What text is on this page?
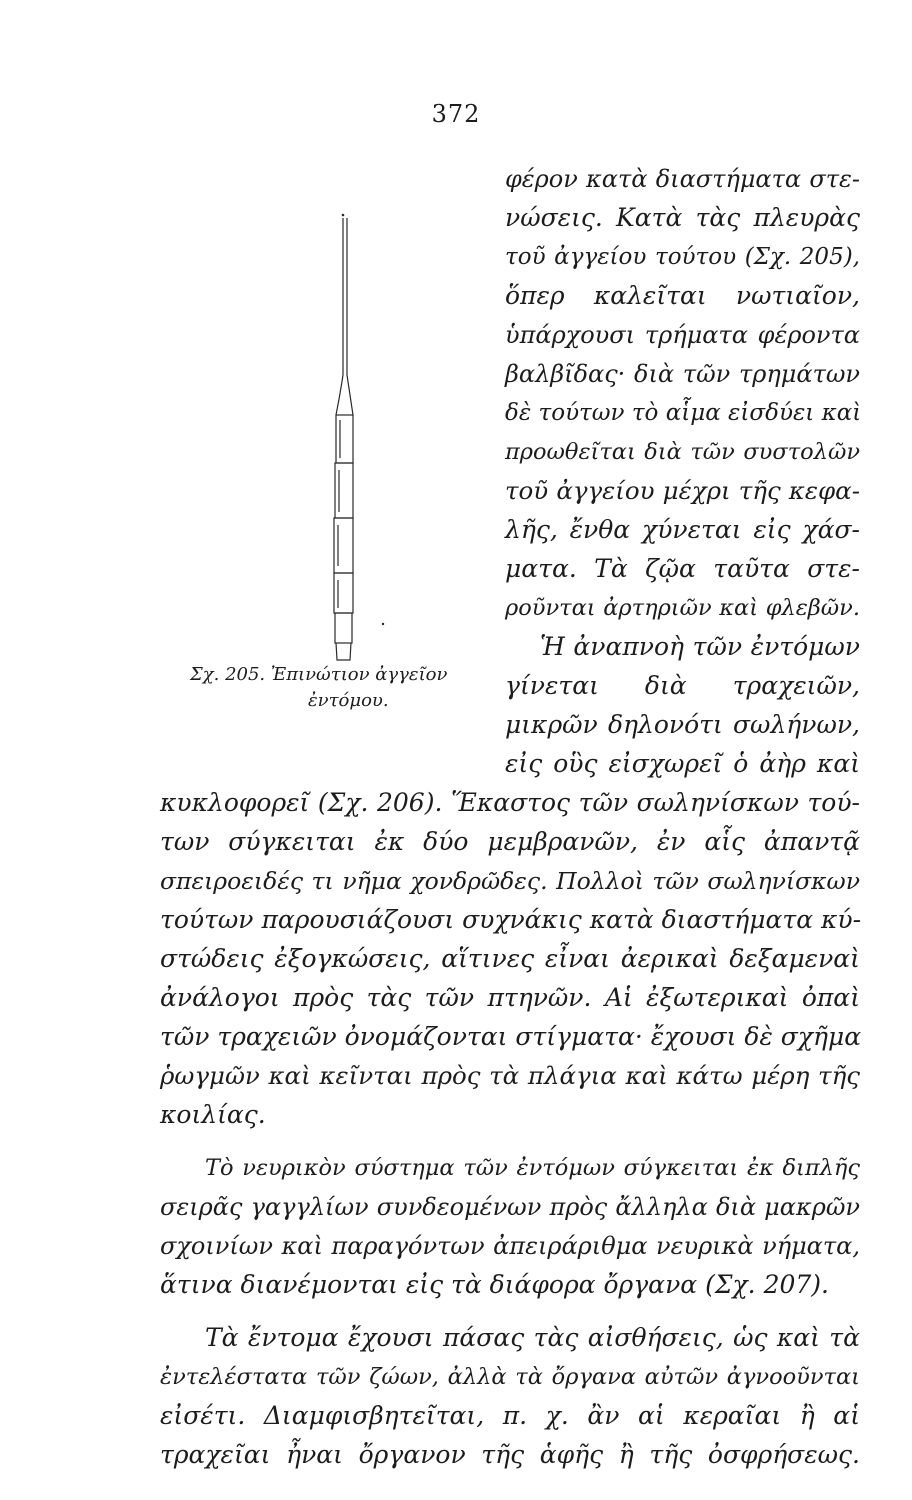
372
Σχ. 205. Ἐπινώτιον ἀγγεῖον
ἐντόμου.
φέρον κατὰ διαστήματα στε-
νώσεις. Κατὰ τὰς πλευρὰς
τοῦ ἀγγείου τούτου (Σχ. 205),
ὅπερ καλεῖται νωτιαῖον,
ὑπάρχουσι τρήματα φέροντα
βαλβῖδας· διὰ τῶν τρημάτων
δὲ τούτων τὸ αἷμα εἰσδύει καὶ
προωθεῖται διὰ τῶν συστολῶν
τοῦ ἀγγείου μέχρι τῆς κεφα-
λῆς, ἔνθα χύνεται εἰς χάσ-
ματα. Τὰ ζῷα ταῦτα στε-
ροῦνται ἀρτηριῶν καὶ φλεβῶν.
Ἡ ἀναπνοὴ τῶν ἐντόμων
γίνεται διὰ τραχειῶν,
μικρῶν δηλονότι σωλήνων,
εἰς οὓς εἰσχωρεῖ ὁ ἀὴρ καὶ
κυκλοφορεῖ (Σχ. 206). Ἕκαστος τῶν σωληνίσκων τού-
των σύγκειται ἐκ δύο μεμβρανῶν, ἐν αἷς ἀπαντᾷ
σπειροειδές τι νῆμα χονδρῶδες. Πολλοὶ τῶν σωληνίσκων
τούτων παρουσιάζουσι συχνάκις κατὰ διαστήματα κύ-
στώδεις ἐξογκώσεις, αἵτινες εἶναι ἀερικαὶ δεξαμεναὶ
ἀνάλογοι πρὸς τὰς τῶν πτηνῶν. Αἱ ἐξωτερικαὶ ὀπαὶ
τῶν τραχειῶν ὀνομάζονται στίγματα· ἔχουσι δὲ σχῆμα
ῥωγμῶν καὶ κεῖνται πρὸς τὰ πλάγια καὶ κάτω μέρη τῆς
κοιλίας.
Τὸ νευρικὸν σύστημα τῶν ἐντόμων σύγκειται ἐκ διπλῆς
σειρᾶς γαγγλίων συνδεομένων πρὸς ἄλληλα διὰ μακρῶν
σχοινίων καὶ παραγόντων ἀπειράριθμα νευρικὰ νήματα,
ἅτινα διανέμονται εἰς τὰ διάφορα ὄργανα (Σχ. 207).
Τὰ ἔντομα ἔχουσι πάσας τὰς αἰσθήσεις, ὡς καὶ τὰ
ἐντελέστατα τῶν ζώων, ἀλλὰ τὰ ὄργανα αὐτῶν ἀγνοοῦνται
εἰσέτι. Διαμφισβητεῖται, π. χ. ἂν αἱ κεραῖαι ἢ αἱ
τραχεῖαι ἦναι ὄργανον τῆς ἁφῆς ἢ τῆς ὀσφρήσεως.
